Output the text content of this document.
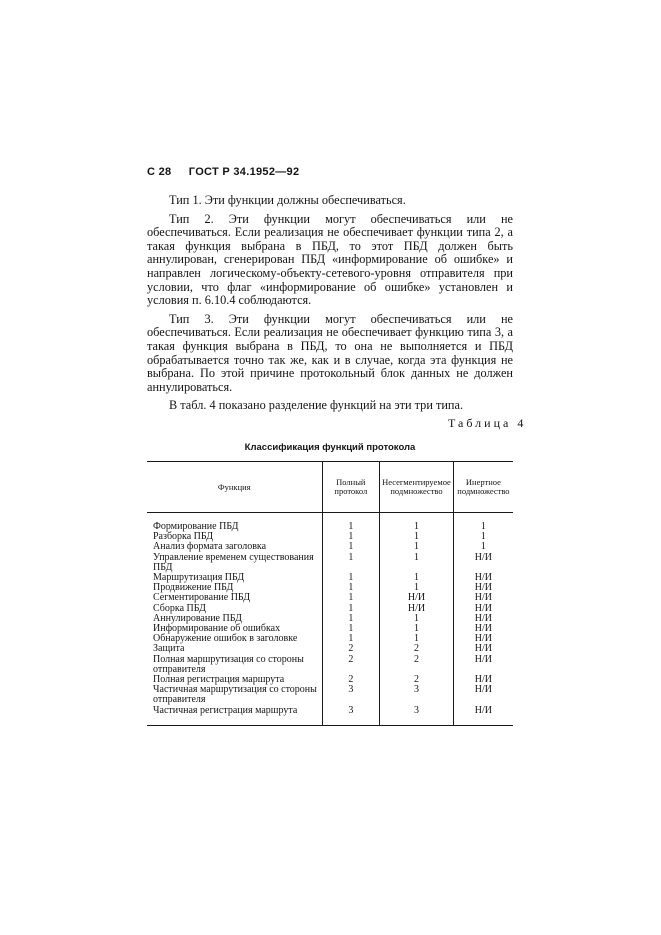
С 28 ГОСТ Р 34.1952—92

Тип 1. Эти функции должны обеспечиваться.

Тип 2. Эти функции могут обеспечиваться или не обеспечиваться. Если реализация не обеспечивает функции типа 2, а такая функция выбрана в ПБД, то этот ПБД должен быть аннулирован, сгенерирован ПБД «информирование об ошибке» и направлен логическому-объекту-сетевого-уровня отправителя при условии, что флаг «информирование об ошибке» установлен и условия п. 6.10.4 соблюдаются.

Тип 3. Эти функции могут обеспечиваться или не обеспечиваться. Если реализация не обеспечивает функцию типа 3, а такая функция выбрана в ПБД, то она не выполняется и ПБД обрабатывается точно так же, как и в случае, когда эта функция не выбрана. По этой причине протокольный блок данных не должен аннулироваться.

В табл. 4 показано разделение функций на эти три типа.

Таблица 4
Классификация функций протокола
Функция	Полный протокол	Несегментируемое подмножество	Инертное подмножество
Формирование ПБД	1	1	1
Разборка ПБД	1	1	1
Анализ формата заголовка	1	1	1
Управление временем существования ПБД	1	1	Н/И
Маршрутизация ПБД	1	1	Н/И
Продвижение ПБД	1	1	Н/И
Сегментирование ПБД	1	Н/И	Н/И
Сборка ПБД	1	Н/И	Н/И
Аннулирование ПБД	1	1	Н/И
Информирование об ошибках	1	1	Н/И
Обнаружение ошибок в заголовке	1	1	Н/И
Защита	2	2	Н/И
Полная маршрутизация со стороны отправителя	2	2	Н/И
Полная регистрация маршрута	2	2	Н/И
Частичная маршрутизация со стороны отправителя	3	3	Н/И
Частичная регистрация маршрута	3	3	Н/И
